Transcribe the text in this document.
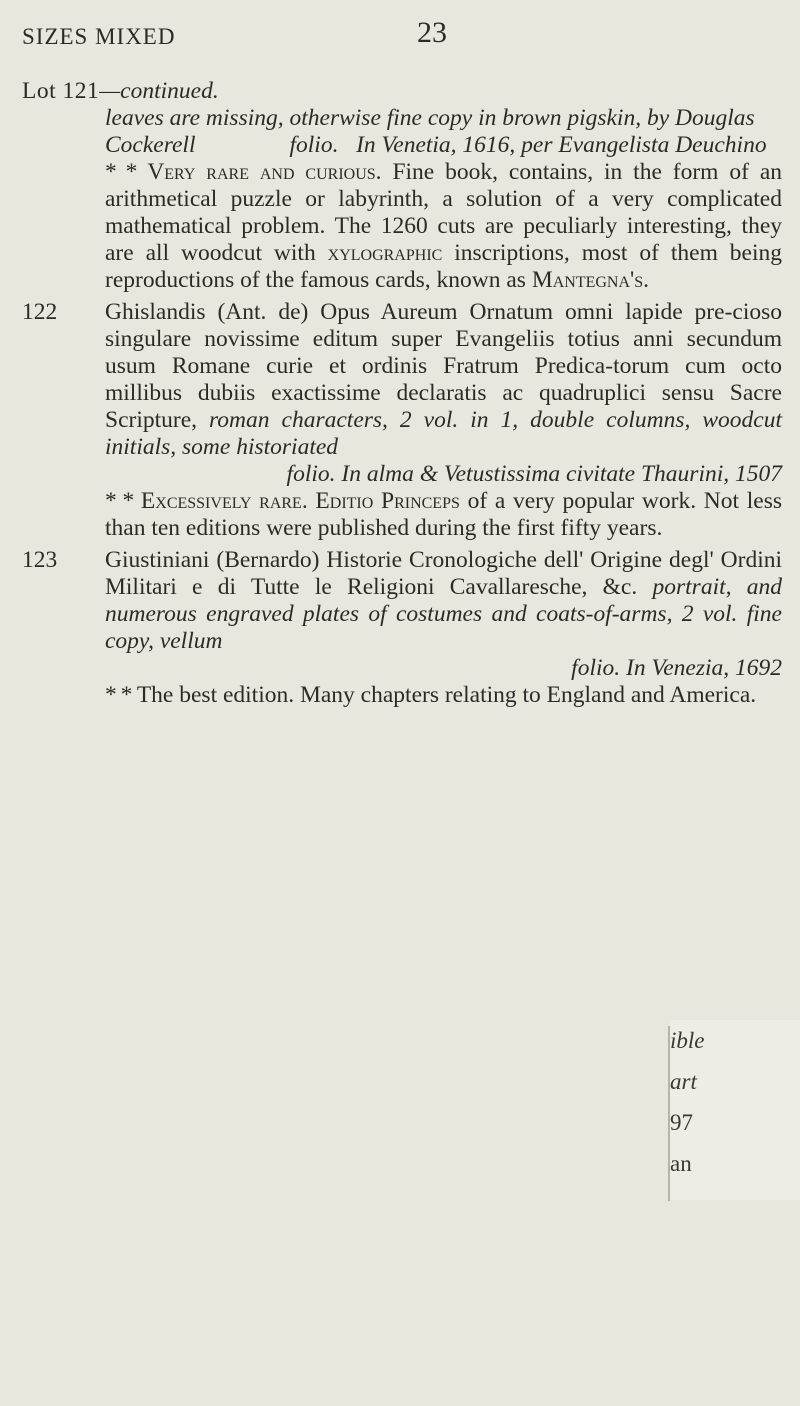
SIZES MIXED	23
Lot 121—continued.
leaves are missing, otherwise fine copy in brown pigskin, by Douglas
Cockerell                folio.   In Venetia, 1616, per Evangelista Deuchino
* * Very rare and curious. Fine book, contains, in the form of an arithmetical puzzle or labyrinth, a solution of a very complicated mathematical problem. The 1260 cuts are peculiarly interesting, they are all woodcut with xylographic inscriptions, most of them being reproductions of the famous cards, known as Mantegna's.
122	Ghislandis (Ant. de) Opus Aureum Ornatum omni lapide pre-cioso singulare novissime editum super Evangeliis totius anni secundum usum Romane curie et ordinis Fratrum Predica-torum cum octo millibus dubiis exactissime declaratis ac quadruplici sensu Sacre Scripture, roman characters, 2 vol. in 1, double columns, woodcut initials, some historiated
folio. In alma & Vetustissima civitate Thaurini, 1507
* * Excessively rare. Editio Princeps of a very popular work. Not less than ten editions were published during the first fifty years.
123	Giustiniani (Bernardo) Historie Cronologiche dell' Origine degl' Ordini Militari e di Tutte le Religioni Cavallaresche, &c. portrait, and numerous engraved plates of costumes and coats-of-arms, 2 vol. fine copy, vellum
folio. In Venezia, 1692
* * The best edition. Many chapters relating to England and America.
ible
art
97
an
